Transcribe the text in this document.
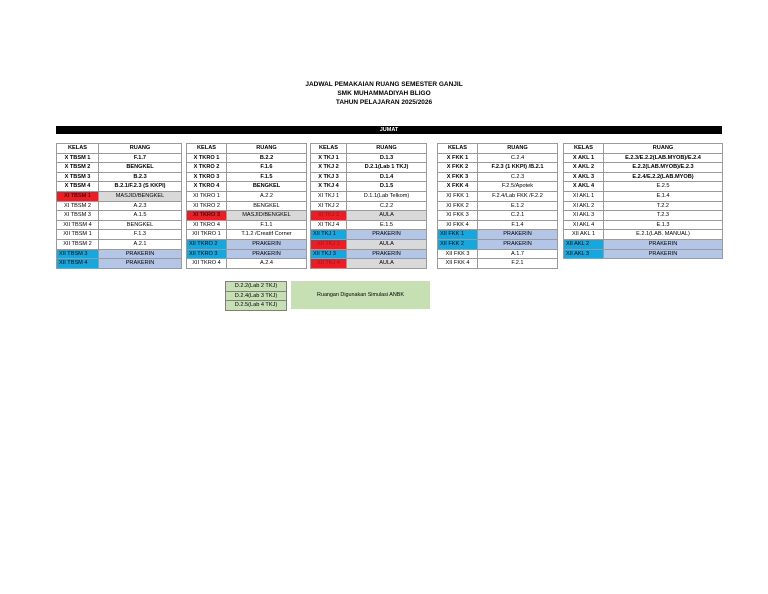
JADWAL PEMAKAIAN RUANG SEMESTER GANJIL
SMK MUHAMMADIYAH BLIGO
TAHUN PELAJARAN 2025/2026
JUMAT
KELAS	RUANG
X TBSM 1	F.1.7
X TBSM 2	BENGKEL
X TBSM 3	B.2.3
X TBSM 4	B.2.1/F.2.3 (S KKPI)
XI TBSM 1	MASJID/BENGKEL
XI TBSM 2	A.2.3
XI TBSM 3	A.1.5
XII TBSM 4	BENGKEL
XII TBSM 1	F.1.3
XII TBSM 2	A.2.1
XII TBSM 3	PRAKERIN
XII TBSM 4	PRAKERIN
KELAS	RUANG
X TKRO 1	B.2.2
X TKRO 2	F.1.6
X TKRO 3	F.1.5
X TKRO 4	BENGKEL
XI TKRO 1	A.2.2
XI TKRO 2	BENGKEL
XI TKRO 3	MASJID/BENGKEL
XI TKRO 4	F.1.1
XII TKRO 1	T.1.2 /Creatif Corner
XII TKRO 2	PRAKERIN
XII TKRO 3	PRAKERIN
XII TKRO 4	A.2.4
KELAS	RUANG
X TKJ 1	D.1.3
X TKJ 2	D.2.1(Lab 1 TKJ)
X TKJ 3	D.1.4
X TKJ 4	D.1.5
XI TKJ 1	D.1.1(Lab Telkom)
XI TKJ 2	C.2.2
XI TKJ 3	AULA
XI TKJ 4	E.1.5
XII TKJ 1	PRAKERIN
XII TKJ 2	AULA
XII TKJ 3	PRAKERIN
XII TKJ 4	AULA
KELAS	RUANG
X FKK 1	C.2.4
X FKK 2	F.2.3 (1 KKPI) /B.2.1
X FKK 3	C.2.3
X FKK 4	F.2.5/Apotek
XI FKK 1	F.2.4/Lab FKK /F.2.2
XI FKK 2	E.1.2
XI FKK 3	C.2.1
XI FKK 4	F.1.4
XII FKK 1	PRAKERIN
XII FKK 2	PRAKERIN
XII FKK 3	A.1.7
XII FKK 4	F.2.1
KELAS	RUANG
X AKL 1	E.2.3/E.2.2(LAB.MYOB)/E.2.4
X AKL 2	E.2.2(LAB.MYOB)/E.2.3
X AKL 3	E.2.4/E.2.2(LAB.MYOB)
X AKL 4	E.2.5
XI AKL 1	E.1.4
XI AKL 2	T.2.2
XI AKL 3	T.2.3
XI AKL 4	E.1.3
XII AKL 1	E.2.1(LAB. MANUAL)
XII AKL 2	PRAKERIN
XII AKL 3	PRAKERIN
D.2.2(Lab 2 TKJ)
D.2.4(Lab 3 TKJ)
D.2.5(Lab 4 TKJ)
Ruangan Digunakan Simulasi ANBK
